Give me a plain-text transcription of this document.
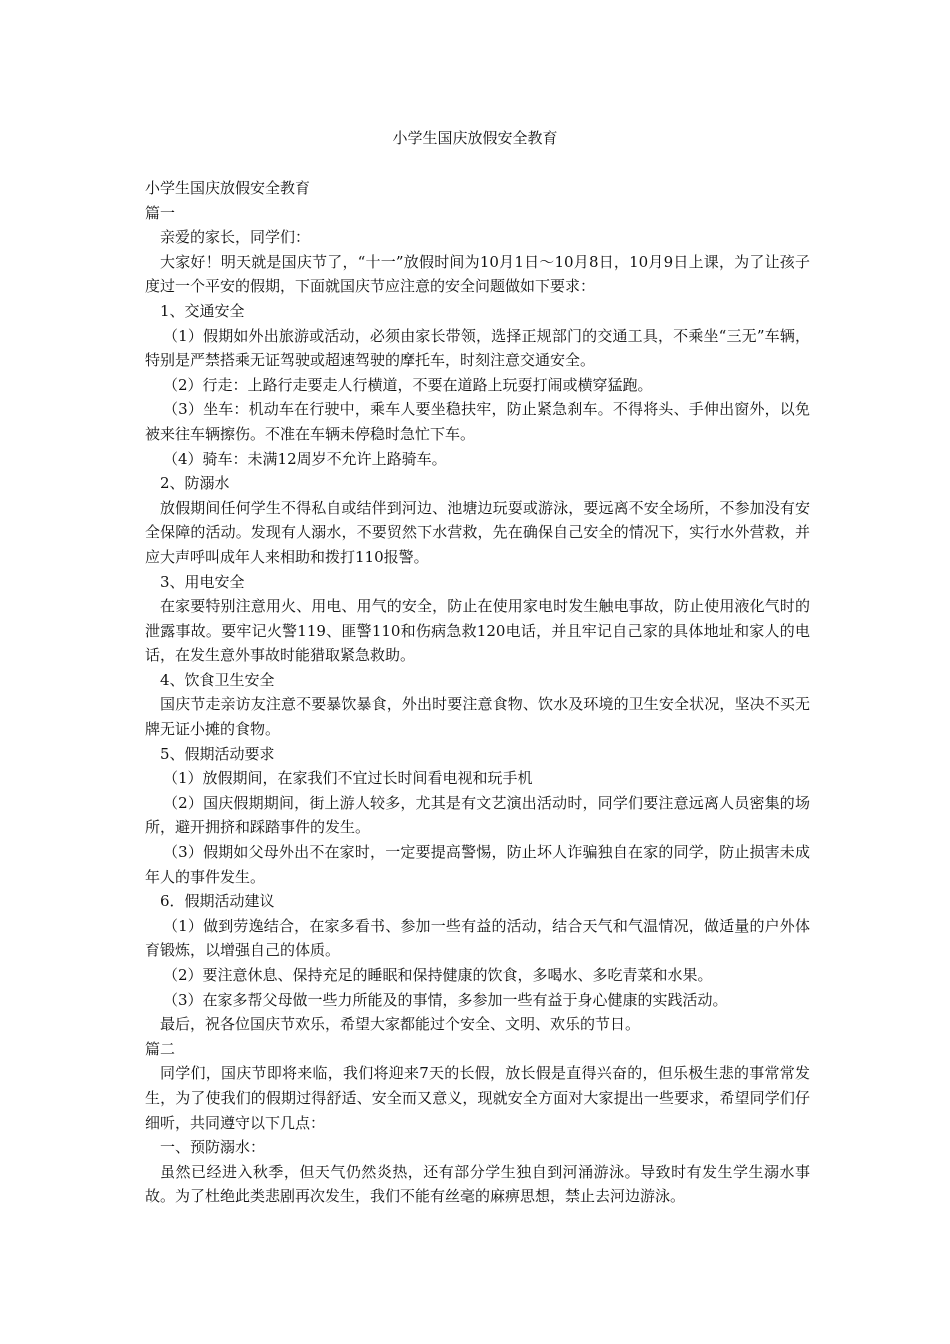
小学生国庆放假安全教育

小学生国庆放假安全教育

篇一

亲爱的家长，同学们：

大家好！明天就是国庆节了，“十一”放假时间为10月1日～10月8日，10月9日上课，为了让孩子度过一个平安的假期，下面就国庆节应注意的安全问题做如下要求：

1、交通安全

（1）假期如外出旅游或活动，必须由家长带领，选择正规部门的交通工具，不乘坐“三无”车辆，特别是严禁搭乘无证驾驶或超速驾驶的摩托车，时刻注意交通安全。

（2）行走：上路行走要走人行横道，不要在道路上玩耍打闹或横穿猛跑。

（3）坐车：机动车在行驶中，乘车人要坐稳扶牢，防止紧急刹车。不得将头、手伸出窗外，以免被来往车辆擦伤。不准在车辆未停稳时急忙下车。

（4）骑车：未满12周岁不允许上路骑车。

2、防溺水

放假期间任何学生不得私自或结伴到河边、池塘边玩耍或游泳，要远离不安全场所，不参加没有安全保障的活动。发现有人溺水，不要贸然下水营救，先在确保自己安全的情况下，实行水外营救，并应大声呼叫成年人来相助和拨打110报警。

3、用电安全

在家要特别注意用火、用电、用气的安全，防止在使用家电时发生触电事故，防止使用液化气时的泄露事故。要牢记火警119、匪警110和伤病急救120电话，并且牢记自己家的具体地址和家人的电话，在发生意外事故时能猎取紧急救助。

4、饮食卫生安全

国庆节走亲访友注意不要暴饮暴食，外出时要注意食物、饮水及环境的卫生安全状况，坚决不买无牌无证小摊的食物。

5、假期活动要求

（1）放假期间，在家我们不宜过长时间看电视和玩手机

（2）国庆假期期间，街上游人较多，尤其是有文艺演出活动时，同学们要注意远离人员密集的场所，避开拥挤和踩踏事件的发生。

（3）假期如父母外出不在家时，一定要提高警惕，防止坏人诈骗独自在家的同学，防止损害未成年人的事件发生。

6．假期活动建议

（1）做到劳逸结合，在家多看书、参加一些有益的活动，结合天气和气温情况，做适量的户外体育锻炼，以增强自己的体质。

（2）要注意休息、保持充足的睡眠和保持健康的饮食，多喝水、多吃青菜和水果。

（3）在家多帮父母做一些力所能及的事情，多参加一些有益于身心健康的实践活动。

最后，祝各位国庆节欢乐，希望大家都能过个安全、文明、欢乐的节日。

篇二

同学们，国庆节即将来临，我们将迎来7天的长假，放长假是直得兴奋的，但乐极生悲的事常常发生，为了使我们的假期过得舒适、安全而又意义，现就安全方面对大家提出一些要求，希望同学们仔细听，共同遵守以下几点：

一、预防溺水：

虽然已经进入秋季，但天气仍然炎热，还有部分学生独自到河涌游泳。导致时有发生学生溺水事故。为了杜绝此类悲剧再次发生，我们不能有丝毫的麻痹思想，禁止去河边游泳。
